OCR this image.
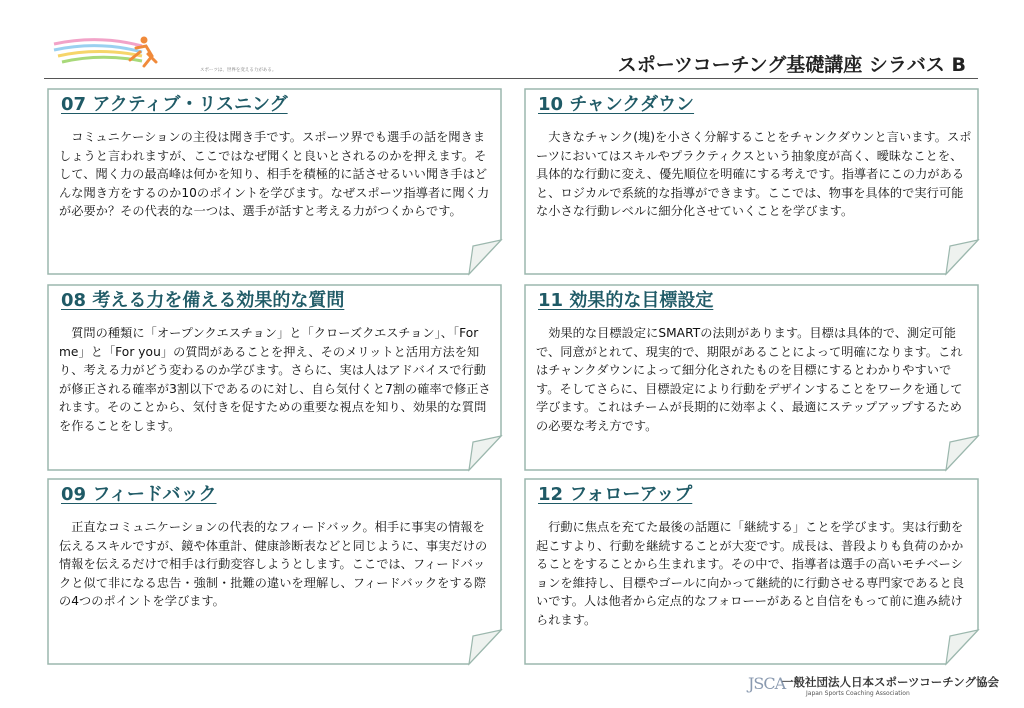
スポーツは、世界を変える力がある。	スポーツコーチング基礎講座 シラバス B
07 アクティブ・リスニング

コミュニケーションの主役は聞き手です。スポーツ界でも選手の話を聞きましょうと言われますが、ここではなぜ聞くと良いとされるのかを押えます。そして、聞く力の最高峰は何かを知り、相手を積極的に話させるいい聞き手はどんな聞き方をするのか10のポイントを学びます。なぜスポーツ指導者に聞く力が必要か？その代表的な一つは、選手が話すと考える力がつくからです。

10 チャンクダウン

大きなチャンク(塊)を小さく分解することをチャンクダウンと言います。スポーツにおいてはスキルやプラクティクスという抽象度が高く、曖昧なことを、具体的な行動に変え、優先順位を明確にする考えです。指導者にこの力があると、ロジカルで系統的な指導ができます。ここでは、物事を具体的で実行可能な小さな行動レベルに細分化させていくことを学びます。

08 考える力を備える効果的な質問

質問の種類に「オープンクエスチョン」と「クローズクエスチョン」、「For me」と「For you」の質問があることを押え、そのメリットと活用方法を知り、考える力がどう変わるのか学びます。さらに、実は人はアドバイスで行動が修正される確率が3割以下であるのに対し、自ら気付くと7割の確率で修正されます。そのことから、気付きを促すための重要な視点を知り、効果的な質問を作ることをします。

11 効果的な目標設定

効果的な目標設定にSMARTの法則があります。目標は具体的で、測定可能で、同意がとれて、現実的で、期限があることによって明確になります。これはチャンクダウンによって細分化されたものを目標にするとわかりやすいです。そしてさらに、目標設定により行動をデザインすることをワークを通して学びます。これはチームが長期的に効率よく、最適にステップアップするための必要な考え方です。

09 フィードバック

正直なコミュニケーションの代表的なフィードバック。相手に事実の情報を伝えるスキルですが、鏡や体重計、健康診断表などと同じように、事実だけの情報を伝えるだけで相手は行動変容しようとします。ここでは、フィードバックと似て非になる忠告・強制・批難の違いを理解し、フィードバックをする際の4つのポイントを学びます。

12 フォローアップ

行動に焦点を充てた最後の話題に「継続する」ことを学びます。実は行動を起こすより、行動を継続することが大変です。成長は、普段よりも負荷のかかることをすることから生まれます。その中で、指導者は選手の高いモチベーションを維持し、目標やゴールに向かって継続的に行動させる専門家であると良いです。人は他者から定点的なフォローーがあると自信をもって前に進み続けられます。

JSCA
一般社団法人日本スポーツコーチング協会
Japan Sports Coaching Association
